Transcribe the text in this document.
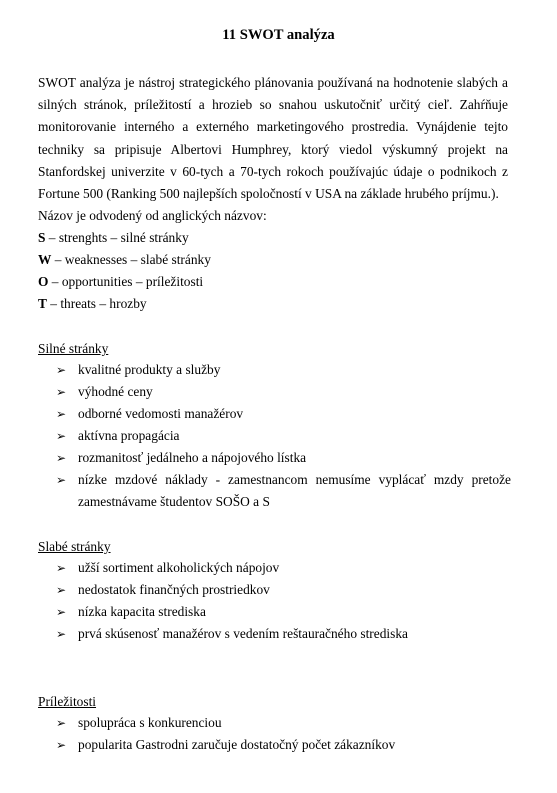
11 SWOT analýza

SWOT analýza je nástroj strategického plánovania používaná na hodnotenie slabých a silných stránok, príležitostí a hrozieb so snahou uskutočniť určitý cieľ. Zahŕňuje monitorovanie interného a externého marketingového prostredia. Vynájdenie tejto techniky sa pripisuje Albertovi Humphrey, ktorý viedol výskumný projekt na Stanfordskej univerzite v 60-tych a 70-tych rokoch používajúc údaje o podnikoch z Fortune 500 (Ranking 500 najlepších spoločností v USA na základe hrubého príjmu.).

Názov je odvodený od anglických názvov:
S – strenghts – silné stránky
W – weaknesses – slabé stránky
O – opportunities – príležitosti
T – threats – hrozby
Silné stránky
➢ kvalitné produkty a služby
➢ výhodné ceny
➢ odborné vedomosti manažérov
➢ aktívna propagácia
➢ rozmanitosť jedálneho a nápojového lístka
➢ nízke mzdové náklady - zamestnancom nemusíme vyplácať mzdy pretože zamestnávame študentov SOŠO a S
Slabé stránky
➢ užší sortiment alkoholických nápojov
➢ nedostatok finančných prostriedkov
➢ nízka kapacita strediska
➢ prvá skúsenosť manažérov s vedením reštauračného strediska
Príležitosti
➢ spolupráca s konkurenciou
➢ popularita Gastrodni zaručuje dostatočný počet zákazníkov
